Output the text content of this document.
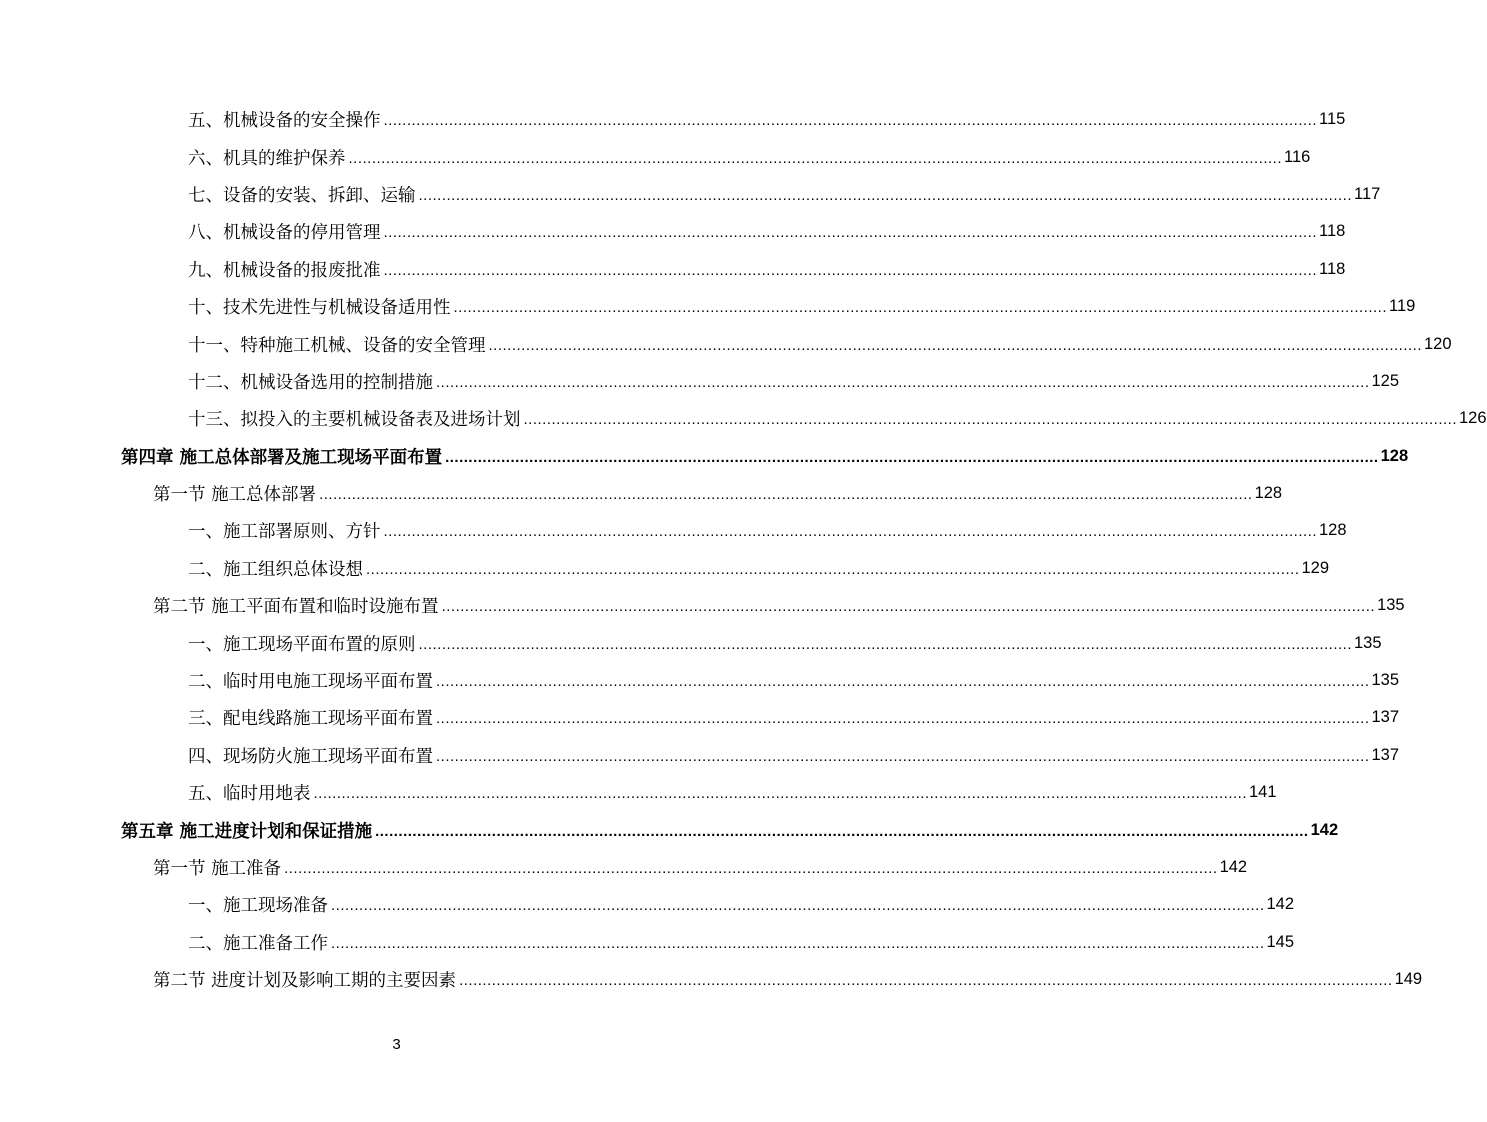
五、机械设备的安全操作 ........................................................................................................................................................................................................ 115
六、机具的维护保养 ........................................................................................................................................................................................................ 116
七、设备的安装、拆卸、运输 ........................................................................................................................................................................................................ 117
八、机械设备的停用管理 ........................................................................................................................................................................................................ 118
九、机械设备的报废批准 ........................................................................................................................................................................................................ 118
十、技术先进性与机械设备适用性 ........................................................................................................................................................................................................ 119
十一、特种施工机械、设备的安全管理 ........................................................................................................................................................................................................ 120
十二、机械设备选用的控制措施 ........................................................................................................................................................................................................ 125
十三、拟投入的主要机械设备表及进场计划 ........................................................................................................................................................................................................ 126
第四章 施工总体部署及施工现场平面布置 ........................................................................................................................................................................................................ 128
第一节 施工总体部署 ........................................................................................................................................................................................................ 128
一、施工部署原则、方针 ........................................................................................................................................................................................................ 128
二、施工组织总体设想 ........................................................................................................................................................................................................ 129
第二节 施工平面布置和临时设施布置 ........................................................................................................................................................................................................ 135
一、施工现场平面布置的原则 ........................................................................................................................................................................................................ 135
二、临时用电施工现场平面布置 ........................................................................................................................................................................................................ 135
三、配电线路施工现场平面布置 ........................................................................................................................................................................................................ 137
四、现场防火施工现场平面布置 ........................................................................................................................................................................................................ 137
五、临时用地表 ........................................................................................................................................................................................................ 141
第五章 施工进度计划和保证措施 ........................................................................................................................................................................................................ 142
第一节 施工准备 ........................................................................................................................................................................................................ 142
一、施工现场准备 ........................................................................................................................................................................................................ 142
二、施工准备工作 ........................................................................................................................................................................................................ 145
第二节 进度计划及影响工期的主要因素 ........................................................................................................................................................................................................ 149
3
